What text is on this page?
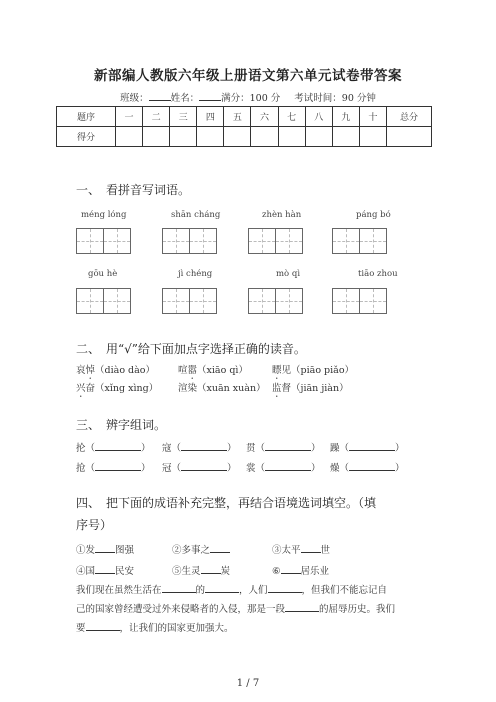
新部编人教版六年级上册语文第六单元试卷带答案
班级： 姓名： 满分：100 分 考试时间：90 分钟
题序	一	二	三	四	五	六	七	八	九	十	总分
得分											
一、 看拼音写词语。
méng lóng	shān cháng	zhèn hàn	páng bó
gōu hè	jì chéng	mò qì	tiāo zhou
二、 用“√”给下面加点字选择正确的读音。
哀悼（diào dào） 喧嚣（xiāo qì）	瞟见（piāo piǎo）
兴奋（xǐng xìng） 渲染（xuān xuàn） 监督（jiān jiàn）
三、 辨字组词。
抡（	） 寇（	） 贯（	） 躁（	）
抢（	） 冠（	） 裳（	） 燥（	）
四、 把下面的成语补充完整，再结合语境选词填空。（填
序号）
①发 图强	②多事之	③太平 世
④国 民安	⑤生灵 炭	⑥ 居乐业
我们现在虽然生活在	的	，人们	，但我们不能忘记自
己的国家曾经遭受过外来侵略者的入侵，那是一段	的屈辱历史。我们
要	，让我们的国家更加强大。
1 / 7
